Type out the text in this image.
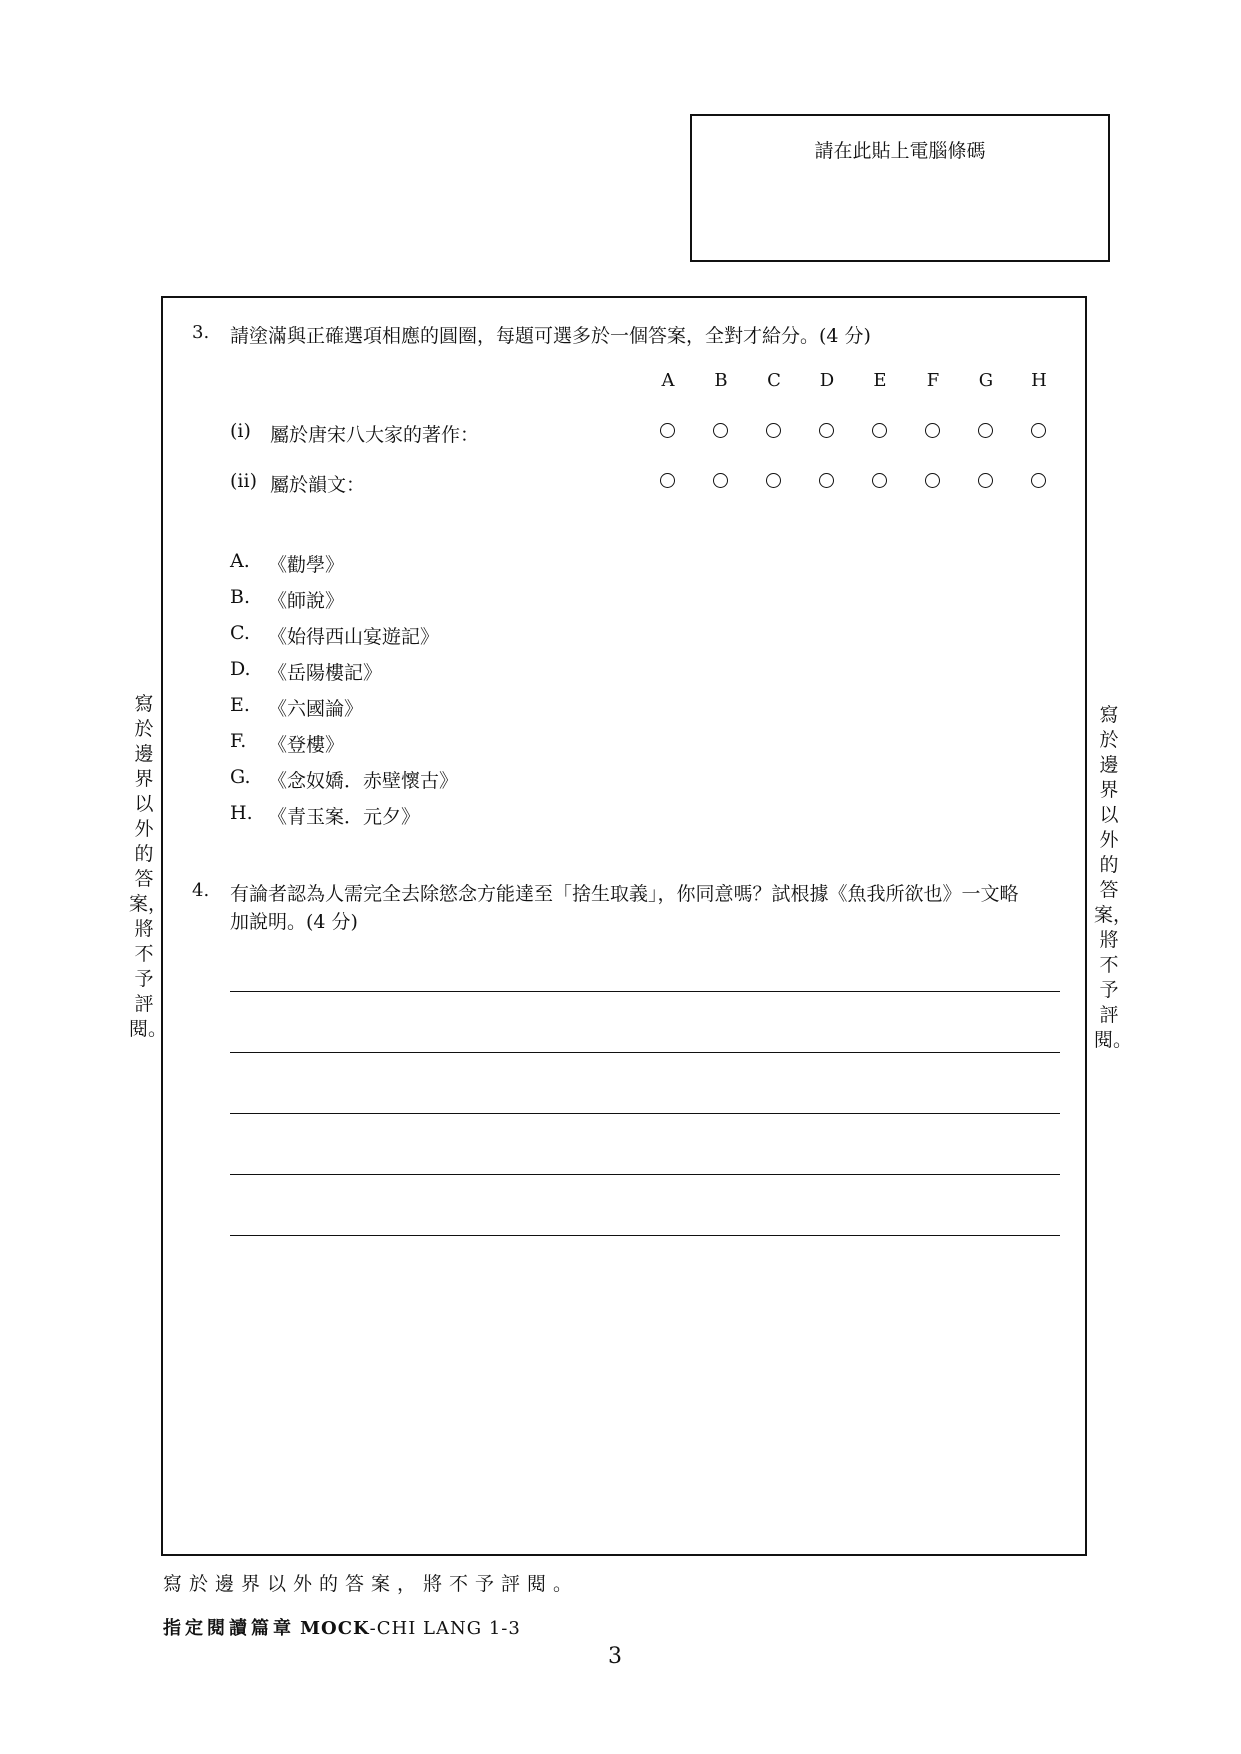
請在此貼上電腦條碼
寫於邊界以外的答案，將不予評閱。
寫於邊界以外的答案，將不予評閱。
3. 請塗滿與正確選項相應的圓圈，每題可選多於一個答案，全對才給分。(4 分)
A	B	C	D	E	F	G	H
(i) 屬於唐宋八大家的著作：
(ii) 屬於韻文：
A. 《勸學》
B. 《師說》
C. 《始得西山宴遊記》
D. 《岳陽樓記》
E. 《六國論》
F. 《登樓》
G. 《念奴嬌．赤壁懷古》
H. 《青玉案．元夕》
4. 有論者認為人需完全去除慾念方能達至「捨生取義」，你同意嗎？試根據《魚我所欲也》一文略
加說明。(4 分)
寫於邊界以外的答案，將不予評閱。
指定閱讀篇章 MOCK-CHI LANG 1-3
3
